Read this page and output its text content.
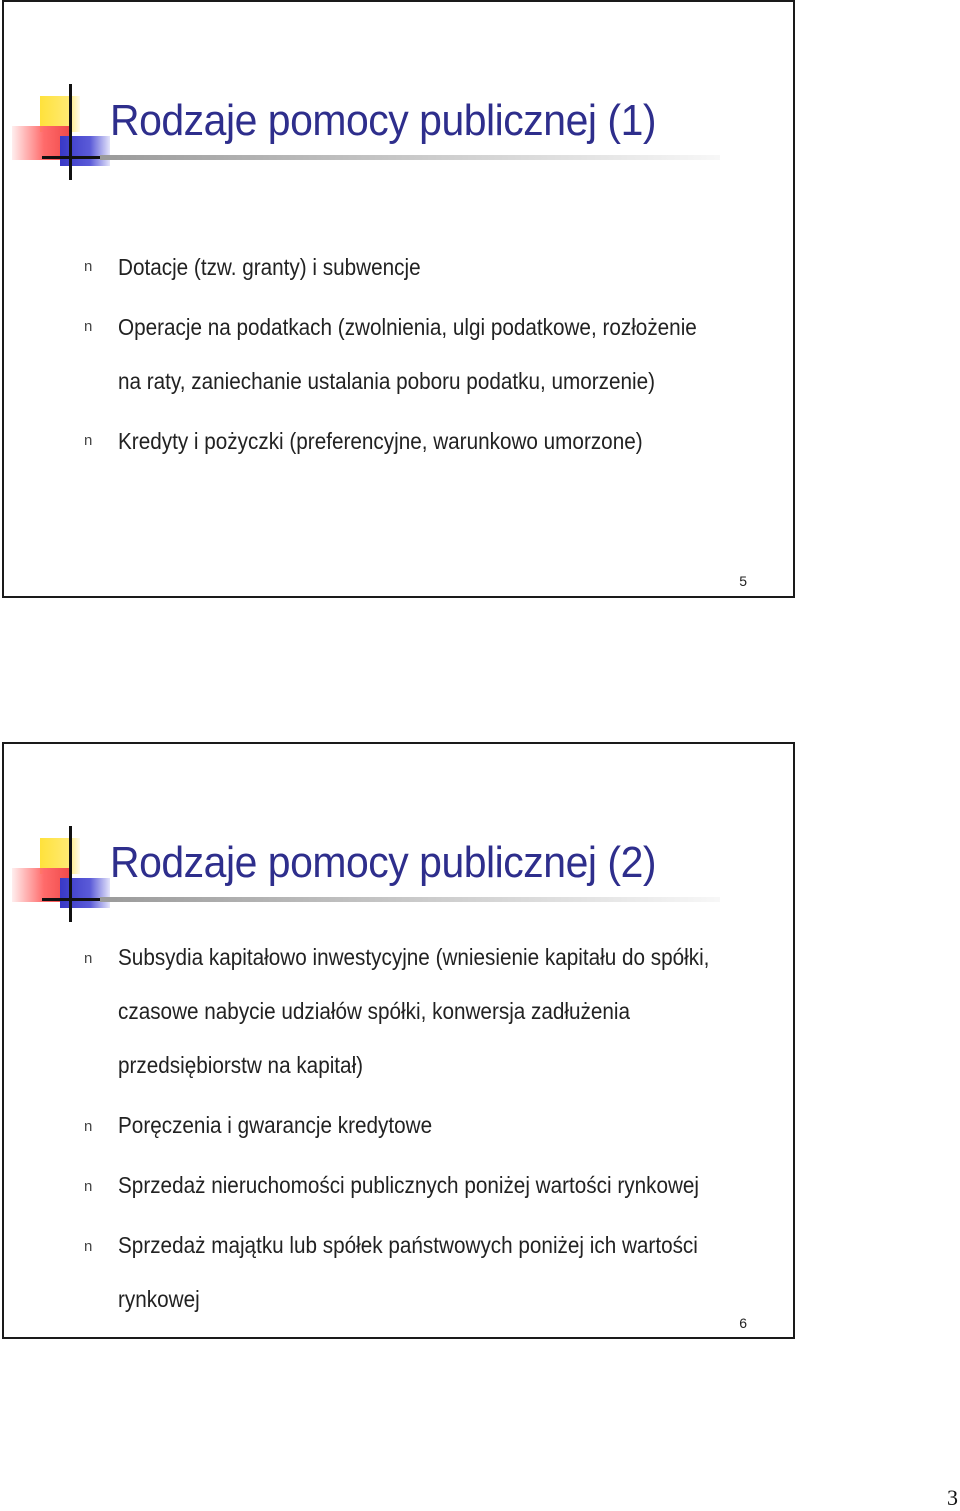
Rodzaje pomocy publicznej (1)
n Dotacje (tzw. granty) i subwencje
n Operacje na podatkach (zwolnienia, ulgi podatkowe, rozłożenie
na raty, zaniechanie ustalania poboru podatku, umorzenie)
n Kredyty i pożyczki (preferencyjne, warunkowo umorzone)
5
Rodzaje pomocy publicznej (2)
n Subsydia kapitałowo inwestycyjne (wniesienie kapitału do spółki,
czasowe nabycie udziałów spółki, konwersja zadłużenia
przedsiębiorstw na kapitał)
n Poręczenia i gwarancje kredytowe
n Sprzedaż nieruchomości publicznych poniżej wartości rynkowej
n Sprzedaż majątku lub spółek państwowych poniżej ich wartości
rynkowej
6
3
